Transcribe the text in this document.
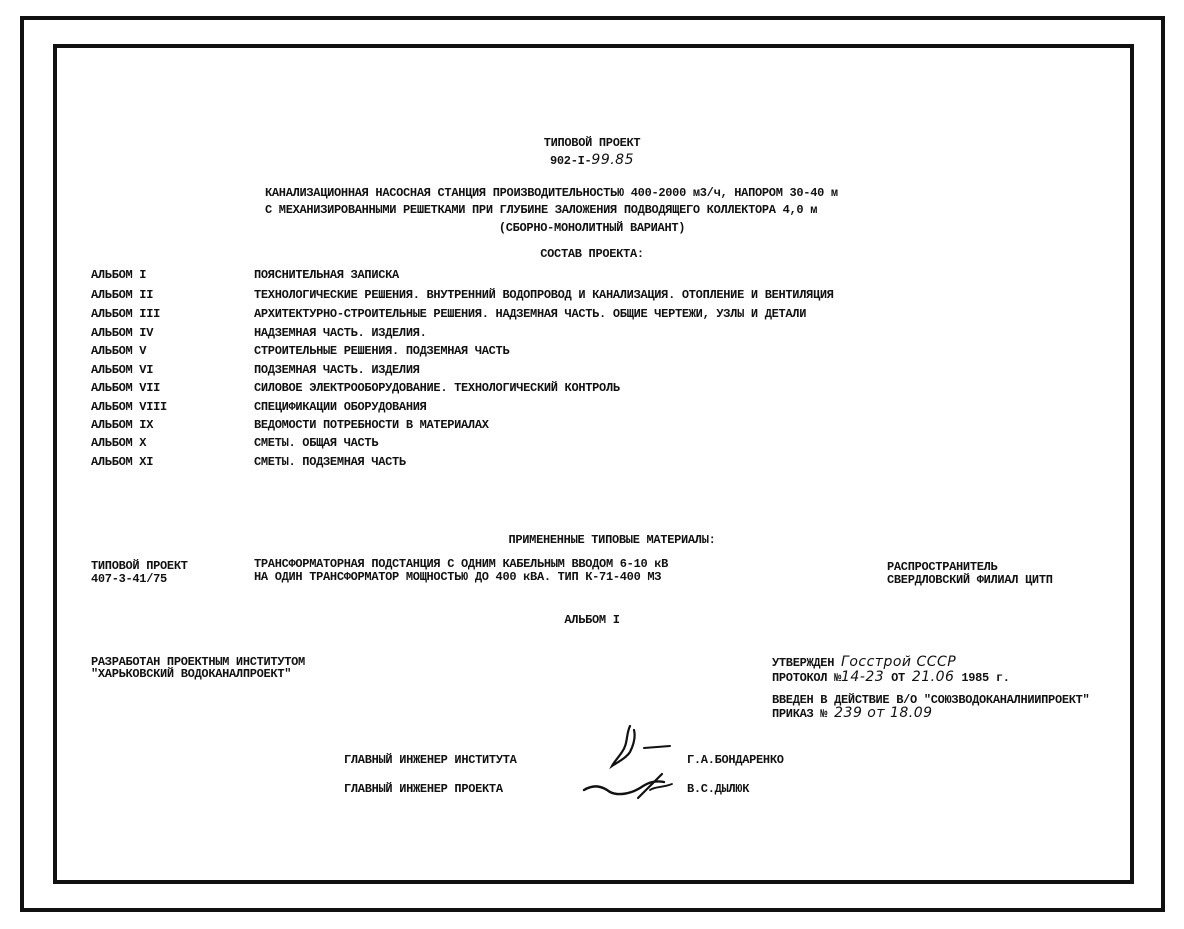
ТИПОВОЙ ПРОЕКТ
902-I-99.85
КАНАЛИЗАЦИОННАЯ НАСОСНАЯ СТАНЦИЯ ПРОИЗВОДИТЕЛЬНОСТЬЮ 400-2000 м3/ч, НАПОРОМ 30-40 м
С МЕХАНИЗИРОВАННЫМИ РЕШЕТКАМИ ПРИ ГЛУБИНЕ ЗАЛОЖЕНИЯ ПОДВОДЯЩЕГО КОЛЛЕКТОРА 4,0 м
(СБОРНО-МОНОЛИТНЫЙ ВАРИАНТ)
СОСТАВ ПРОЕКТА:
АЛЬБОМ I	ПОЯСНИТЕЛЬНАЯ ЗАПИСКА
АЛЬБОМ II	ТЕХНОЛОГИЧЕСКИЕ РЕШЕНИЯ. ВНУТРЕННИЙ ВОДОПРОВОД И КАНАЛИЗАЦИЯ. ОТОПЛЕНИЕ И ВЕНТИЛЯЦИЯ
АЛЬБОМ III	АРХИТЕКТУРНО-СТРОИТЕЛЬНЫЕ РЕШЕНИЯ. НАДЗЕМНАЯ ЧАСТЬ. ОБЩИЕ ЧЕРТЕЖИ, УЗЛЫ И ДЕТАЛИ
АЛЬБОМ IV	НАДЗЕМНАЯ ЧАСТЬ. ИЗДЕЛИЯ.
АЛЬБОМ V	СТРОИТЕЛЬНЫЕ РЕШЕНИЯ. ПОДЗЕМНАЯ ЧАСТЬ
АЛЬБОМ VI	ПОДЗЕМНАЯ ЧАСТЬ. ИЗДЕЛИЯ
АЛЬБОМ VII	СИЛОВОЕ ЭЛЕКТРООБОРУДОВАНИЕ. ТЕХНОЛОГИЧЕСКИЙ КОНТРОЛЬ
АЛЬБОМ VIII	СПЕЦИФИКАЦИИ ОБОРУДОВАНИЯ
АЛЬБОМ IX	ВЕДОМОСТИ ПОТРЕБНОСТИ В МАТЕРИАЛАХ
АЛЬБОМ X	СМЕТЫ. ОБЩАЯ ЧАСТЬ
АЛЬБОМ XI	СМЕТЫ. ПОДЗЕМНАЯ ЧАСТЬ
ПРИМЕНЕННЫЕ ТИПОВЫЕ МАТЕРИАЛЫ:
ТИПОВОЙ ПРОЕКТ
407-3-41/75
ТРАНСФОРМАТОРНАЯ ПОДСТАНЦИЯ С ОДНИМ КАБЕЛЬНЫМ ВВОДОМ 6-10 кВ
НА ОДИН ТРАНСФОРМАТОР МОЩНОСТЬЮ ДО 400 кВА. ТИП К-71-400 МЗ
РАСПРОСТРАНИТЕЛЬ
СВЕРДЛОВСКИЙ ФИЛИАЛ ЦИТП
АЛЬБОМ I
РАЗРАБОТАН ПРОЕКТНЫМ ИНСТИТУТОМ
"ХАРЬКОВСКИЙ ВОДОКАНАЛПРОЕКТ"
УТВЕРЖДЕН Госстрой СССР
ПРОТОКОЛ №14-23 ОТ 21.06 1985 г.
ВВЕДЕН В ДЕЙСТВИЕ В/О "СОЮЗВОДОКАНАЛНИИПРОЕКТ"
ПРИКАЗ № 239 от 18.09
ГЛАВНЫЙ ИНЖЕНЕР ИНСТИТУТА	Г.А.БОНДАРЕНКО
ГЛАВНЫЙ ИНЖЕНЕР ПРОЕКТА	В.С.ДЫЛЮК
